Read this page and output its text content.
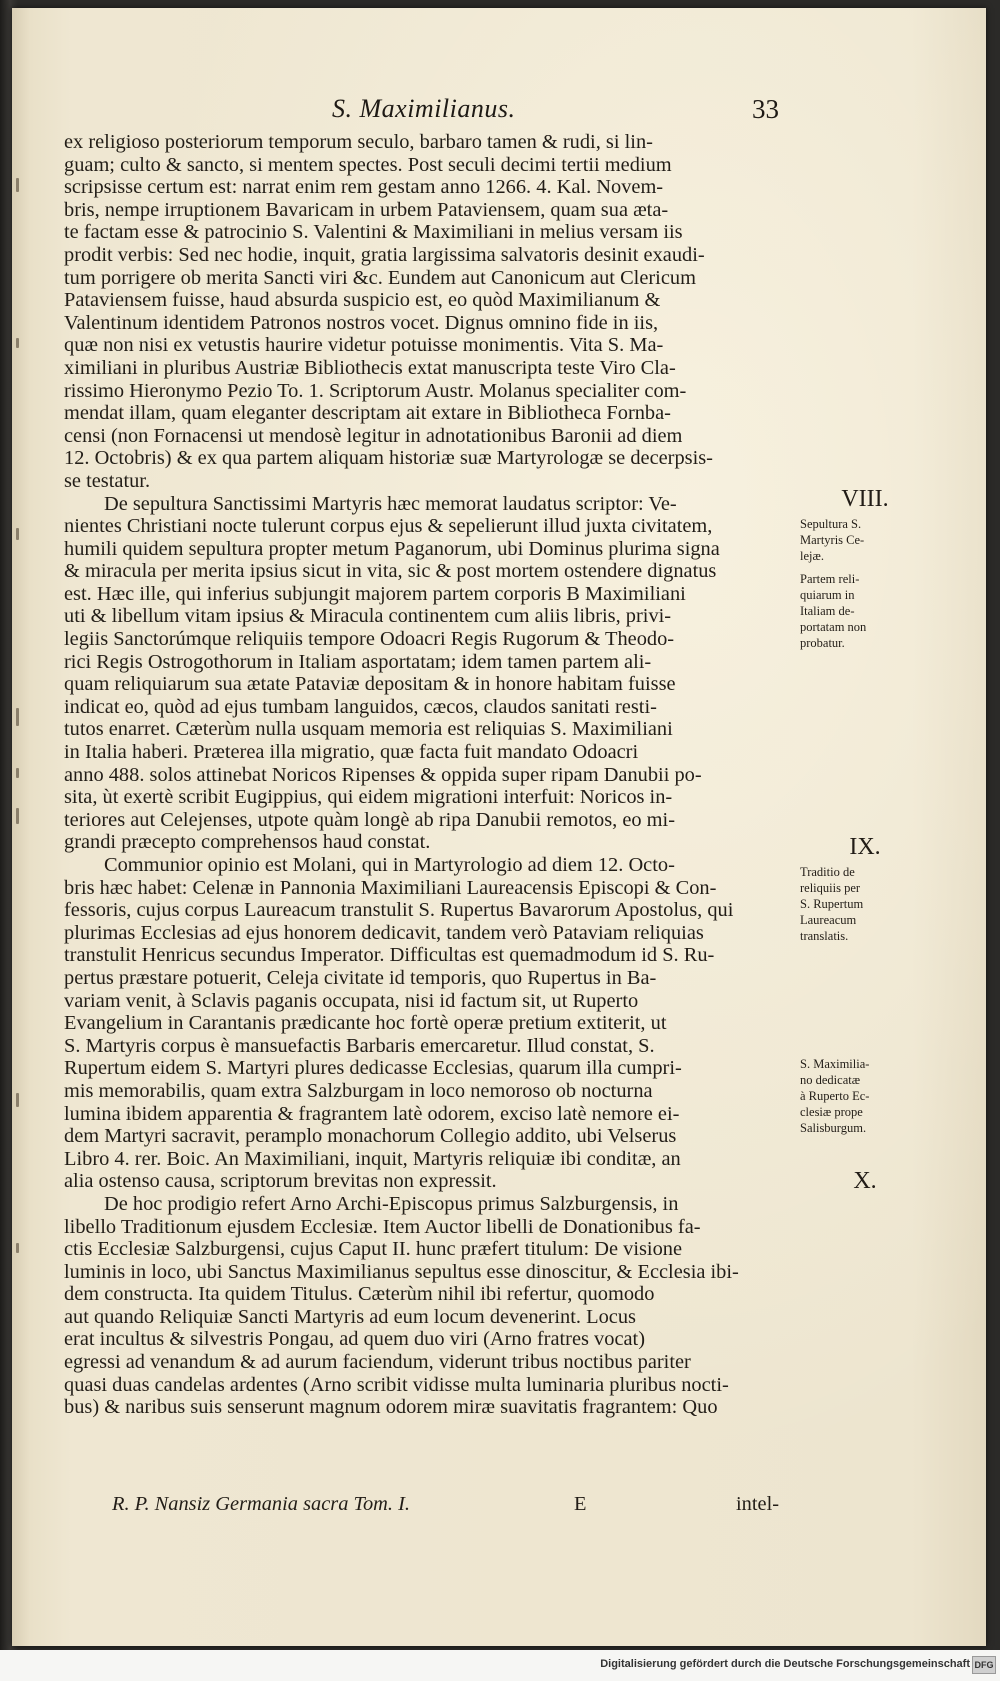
S. Maximilianus.	33

ex religioso posteriorum temporum seculo, barbaro tamen & rudi, si lin-
guam; culto & sancto, si mentem spectes. Post seculi decimi tertii medium
scripsisse certum est: narrat enim rem gestam anno 1266. 4. Kal. Novem-
bris, nempe irruptionem Bavaricam in urbem Pataviensem, quam sua æta-
te factam esse & patrocinio S. Valentini & Maximiliani in melius versam iis
prodit verbis: Sed nec hodie, inquit, gratia largissima salvatoris desinit exaudi-
tum porrigere ob merita Sancti viri &c. Eundem aut Canonicum aut Clericum
Pataviensem fuisse, haud absurda suspicio est, eo quòd Maximilianum &
Valentinum identidem Patronos nostros vocet. Dignus omnino fide in iis,
quæ non nisi ex vetustis haurire videtur potuisse monimentis. Vita S. Ma-
ximiliani in pluribus Austriæ Bibliothecis extat manuscripta teste Viro Cla-
rissimo Hieronymo Pezio To. 1. Scriptorum Austr. Molanus specialiter com-
mendat illam, quam eleganter descriptam ait extare in Bibliotheca Fornba-
censi (non Fornacensi ut mendosè legitur in adnotationibus Baronii ad diem
12. Octobris) & ex qua partem aliquam historiæ suæ Martyrologæ se decerpsis-
se testatur.

De sepultura Sanctissimi Martyris hæc memorat laudatus scriptor: Ve-
nientes Christiani nocte tulerunt corpus ejus & sepelierunt illud juxta civitatem,
humili quidem sepultura propter metum Paganorum, ubi Dominus plurima signa
& miracula per merita ipsius sicut in vita, sic & post mortem ostendere dignatus
est. Hæc ille, qui inferius subjungit majorem partem corporis B Maximiliani
uti & libellum vitam ipsius & Miracula continentem cum aliis libris, privi-
legiis Sanctorúmque reliquiis tempore Odoacri Regis Rugorum & Theodo-
rici Regis Ostrogothorum in Italiam asportatam; idem tamen partem ali-
quam reliquiarum sua ætate Pataviæ depositam & in honore habitam fuisse
indicat eo, quòd ad ejus tumbam languidos, cæcos, claudos sanitati resti-
tutos enarret. Cæterùm nulla usquam memoria est reliquias S. Maximiliani
in Italia haberi. Præterea illa migratio, quæ facta fuit mandato Odoacri
anno 488. solos attinebat Noricos Ripenses & oppida super ripam Danubii po-
sita, ùt exertè scribit Eugippius, qui eidem migrationi interfuit: Noricos in-
teriores aut Celejenses, utpote quàm longè ab ripa Danubii remotos, eo mi-
grandi præcepto comprehensos haud constat.

Communior opinio est Molani, qui in Martyrologio ad diem 12. Octo-
bris hæc habet: Celenæ in Pannonia Maximiliani Laureacensis Episcopi & Con-
fessoris, cujus corpus Laureacum transtulit S. Rupertus Bavarorum Apostolus, qui
plurimas Ecclesias ad ejus honorem dedicavit, tandem verò Pataviam reliquias
transtulit Henricus secundus Imperator. Difficultas est quemadmodum id S. Ru-
pertus præstare potuerit, Celeja civitate id temporis, quo Rupertus in Ba-
variam venit, à Sclavis paganis occupata, nisi id factum sit, ut Ruperto
Evangelium in Carantanis prædicante hoc fortè operæ pretium extiterit, ut
S. Martyris corpus è mansuefactis Barbaris emercaretur. Illud constat, S.
Rupertum eidem S. Martyri plures dedicasse Ecclesias, quarum illa cumpri-
mis memorabilis, quam extra Salzburgam in loco nemoroso ob nocturna
lumina ibidem apparentia & fragrantem latè odorem, exciso latè nemore ei-
dem Martyri sacravit, peramplo monachorum Collegio addito, ubi Velserus
Libro 4. rer. Boic. An Maximiliani, inquit, Martyris reliquiæ ibi conditæ, an
alia ostenso causa, scriptorum brevitas non expressit.

De hoc prodigio refert Arno Archi-Episcopus primus Salzburgensis, in
libello Traditionum ejusdem Ecclesiæ. Item Auctor libelli de Donationibus fa-
ctis Ecclesiæ Salzburgensi, cujus Caput II. hunc præfert titulum: De visione
luminis in loco, ubi Sanctus Maximilianus sepultus esse dinoscitur, & Ecclesia ibi-
dem constructa. Ita quidem Titulus. Cæterùm nihil ibi refertur, quomodo
aut quando Reliquiæ Sancti Martyris ad eum locum devenerint. Locus
erat incultus & silvestris Pongau, ad quem duo viri (Arno fratres vocat)
egressi ad venandum & ad aurum faciendum, viderunt tribus noctibus pariter
quasi duas candelas ardentes (Arno scribit vidisse multa luminaria pluribus nocti-
bus) & naribus suis senserunt magnum odorem miræ suavitatis fragrantem: Quo

VIII.
Sepultura S.
Martyris Ce-
lejæ.
Partem reli-
quiarum in
Italiam de-
portatam non
probatur.
IX.
Traditio de
reliquiis per
S. Rupertum
Laureacum
translatis.
S. Maximilia-
no dedicatæ
à Ruperto Ec-
clesiæ prope
Salisburgum.
X.
R. P. Nansiz Germania sacra Tom. I.	E	intel-
Digitalisierung gefördert durch die Deutsche Forschungsgemeinschaft DFG
